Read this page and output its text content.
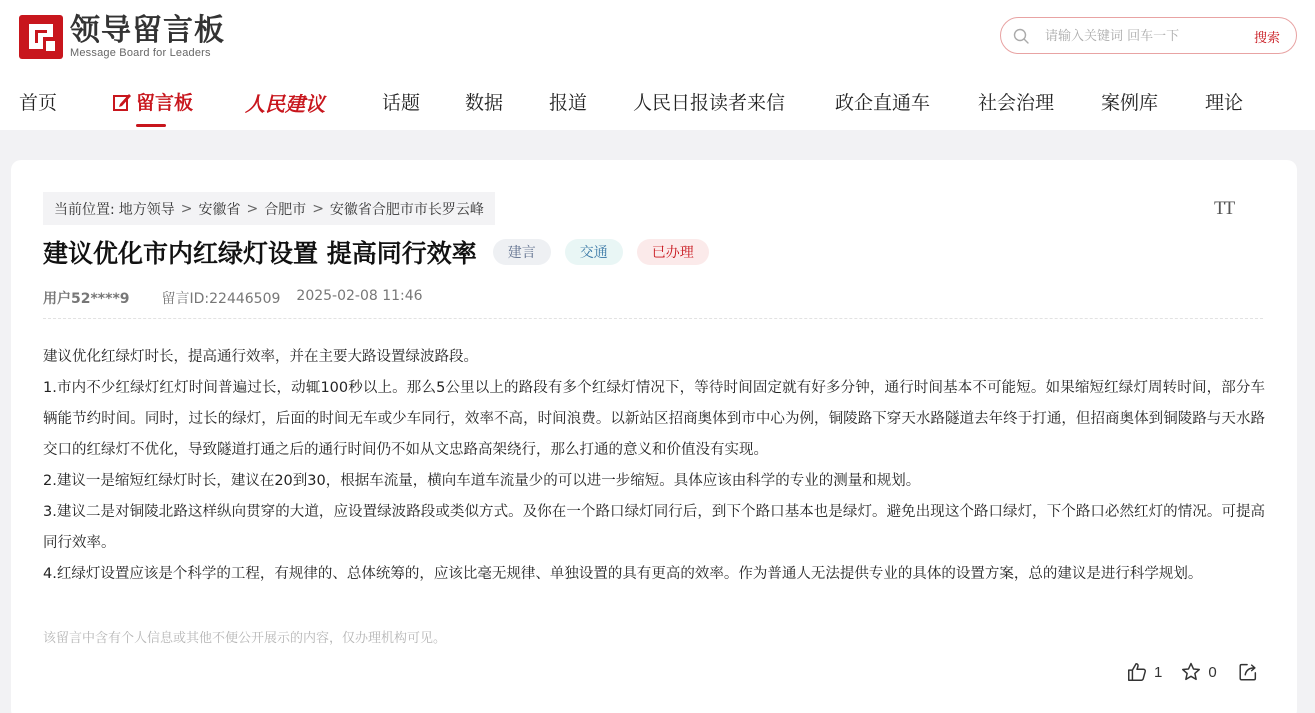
领导留言板
Message Board for Leaders
请输入关键词 回车一下
搜索
首页	留言板	人民建议	话题 数据 报道 人民日报读者来信	政企直通车	社会治理 案例库 理论
当前位置: 地方领导 > 安徽省 > 合肥市 > 安徽省合肥市市长罗云峰	TT
建议优化市内红绿灯设置 提高同行效率	建言	交通	已办理
用户52****9 留言ID:22446509 2025-02-08 11:46

建议优化红绿灯时长，提高通行效率，并在主要大路设置绿波路段。

1.市内不少红绿灯红灯时间普遍过长，动辄100秒以上。那么5公里以上的路段有多个红绿灯情况下，等待时间固定就有好多分钟，通行时间基本不可能短。如果缩短红绿灯周转时间，部分车辆能节约时间。同时，过长的绿灯，后面的时间无车或少车同行，效率不高，时间浪费。以新站区招商奥体到市中心为例，铜陵路下穿天水路隧道去年终于打通，但招商奥体到铜陵路与天水路交口的红绿灯不优化，导致隧道打通之后的通行时间仍不如从文忠路高架绕行，那么打通的意义和价值没有实现。

2.建议一是缩短红绿灯时长，建议在20到30，根据车流量，横向车道车流量少的可以进一步缩短。具体应该由科学的专业的测量和规划。

3.建议二是对铜陵北路这样纵向贯穿的大道，应设置绿波路段或类似方式。及你在一个路口绿灯同行后，到下个路口基本也是绿灯。避免出现这个路口绿灯，下个路口必然红灯的情况。可提高同行效率。

4.红绿灯设置应该是个科学的工程，有规律的、总体统筹的，应该比毫无规律、单独设置的具有更高的效率。作为普通人无法提供专业的具体的设置方案，总的建议是进行科学规划。

该留言中含有个人信息或其他不便公开展示的内容，仅办理机构可见。
1	0
